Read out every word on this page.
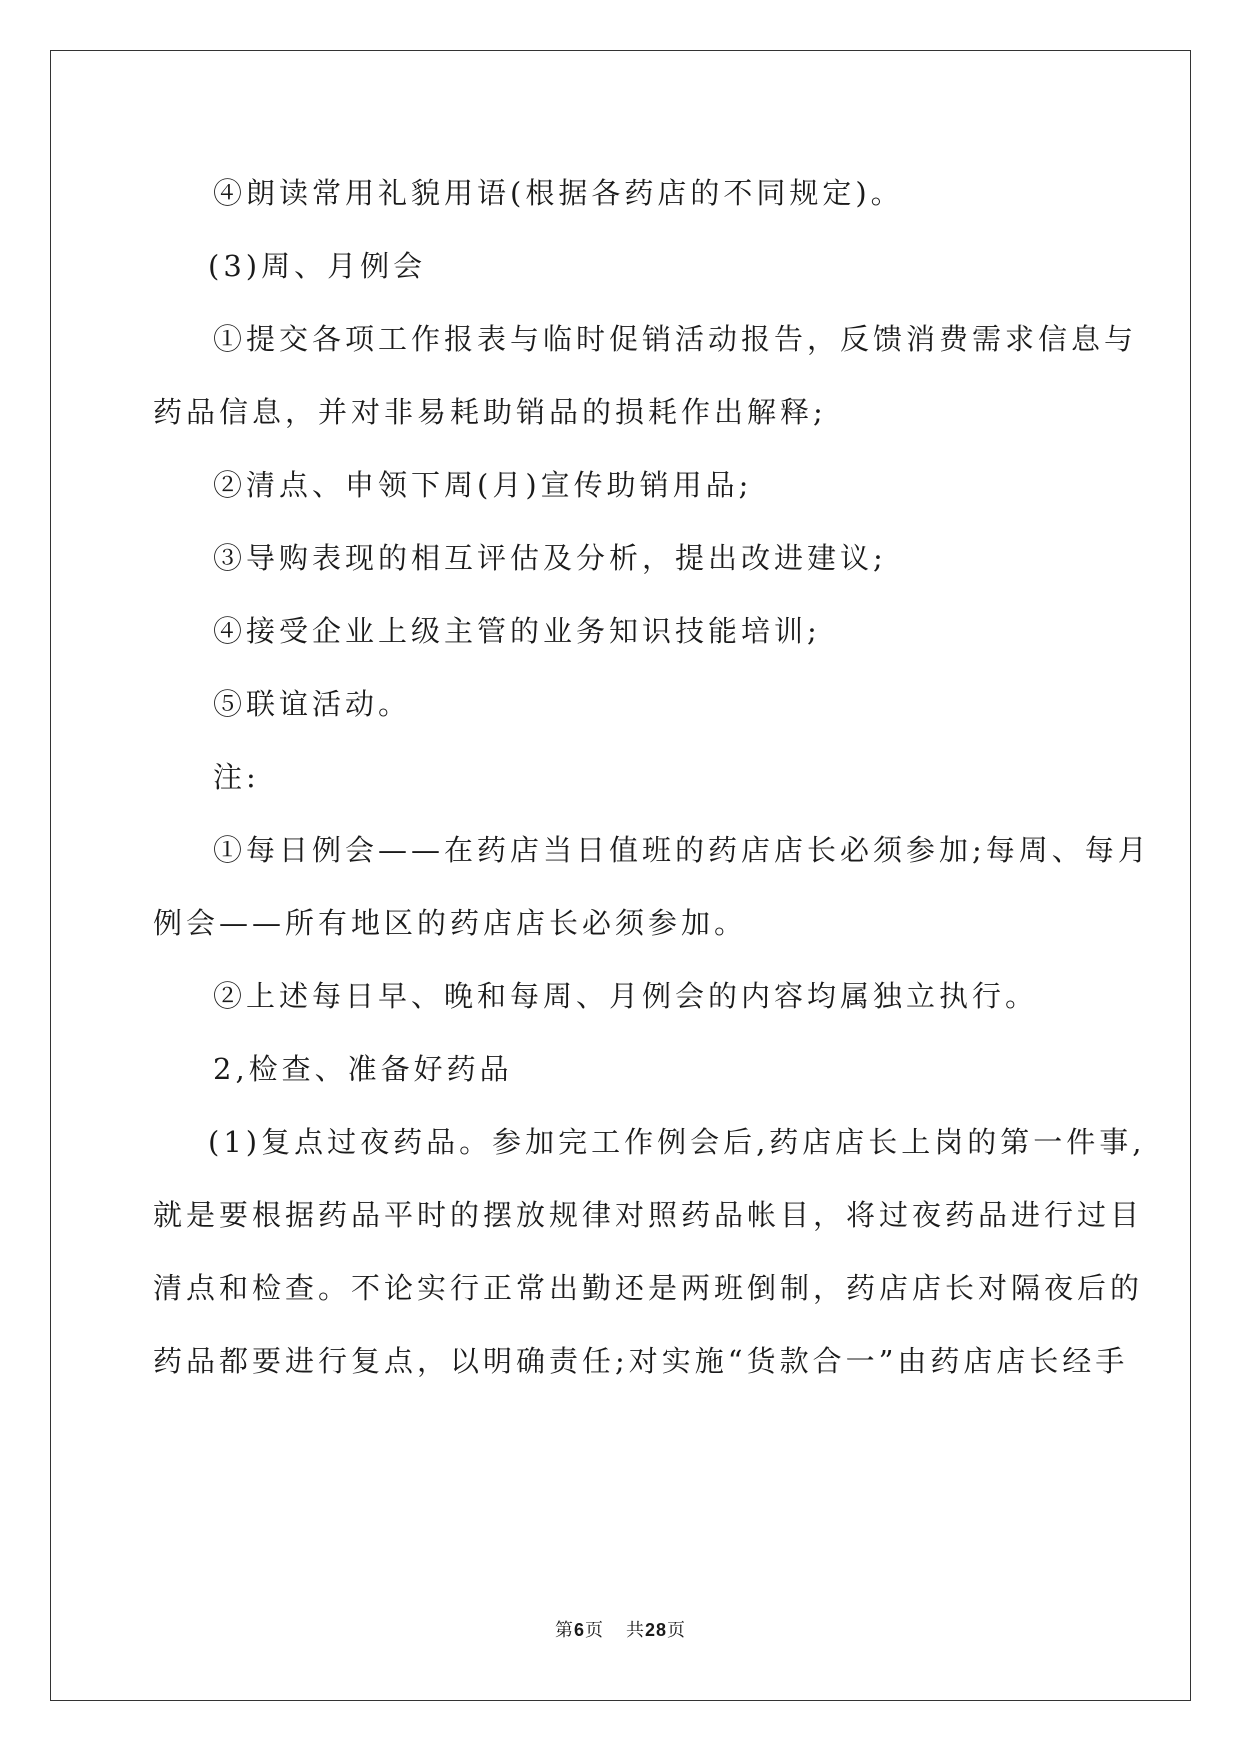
④朗读常用礼貌用语(根据各药店的不同规定)。

(3)周、月例会

①提交各项工作报表与临时促销活动报告，反馈消费需求信息与

药品信息，并对非易耗助销品的损耗作出解释;

②清点、申领下周(月)宣传助销用品;

③导购表现的相互评估及分析，提出改进建议;

④接受企业上级主管的业务知识技能培训;

⑤联谊活动。

注:

①每日例会——在药店当日值班的药店店长必须参加;每周、每月

例会——所有地区的药店店长必须参加。

②上述每日早、晚和每周、月例会的内容均属独立执行。

2,检查、准备好药品

(1)复点过夜药品。参加完工作例会后,药店店长上岗的第一件事,

就是要根据药品平时的摆放规律对照药品帐目，将过夜药品进行过目

清点和检查。不论实行正常出勤还是两班倒制，药店店长对隔夜后的

药品都要进行复点，以明确责任;对实施“货款合一”由药店店长经手

第6页 共28页
